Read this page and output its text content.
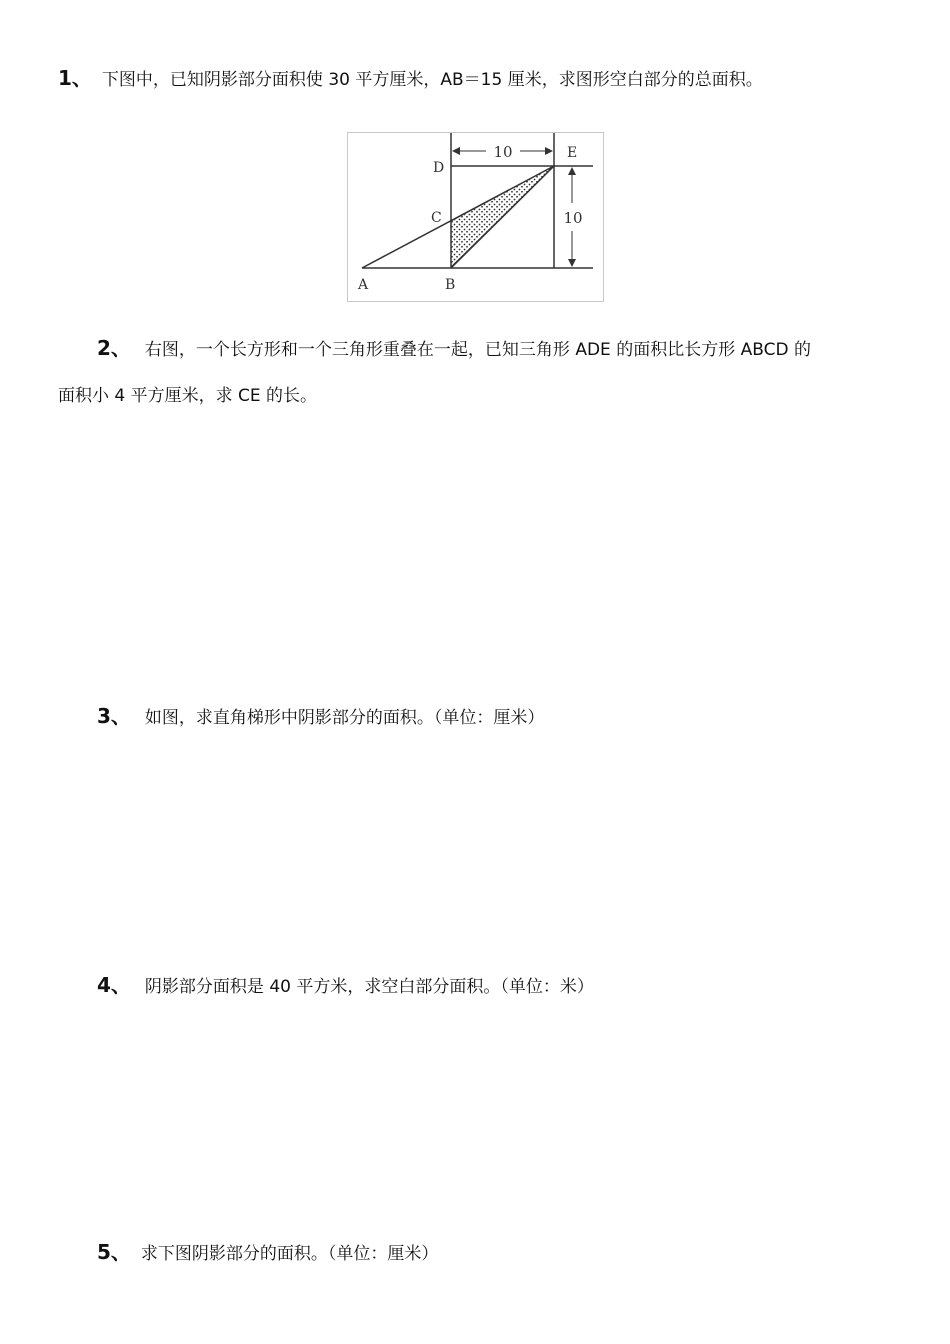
1、 下图中，已知阴影部分面积使 30 平方厘米，AB＝15 厘米，求图形空白部分的总面积。
10
10
D
E
C
A	B
2、 右图，一个长方形和一个三角形重叠在一起，已知三角形 ADE 的面积比长方形 ABCD 的
面积小 4 平方厘米，求 CE 的长。
3、 如图，求直角梯形中阴影部分的面积。（单位：厘米）
4、 阴影部分面积是 40 平方米，求空白部分面积。（单位：米）
5、 求下图阴影部分的面积。（单位：厘米）
